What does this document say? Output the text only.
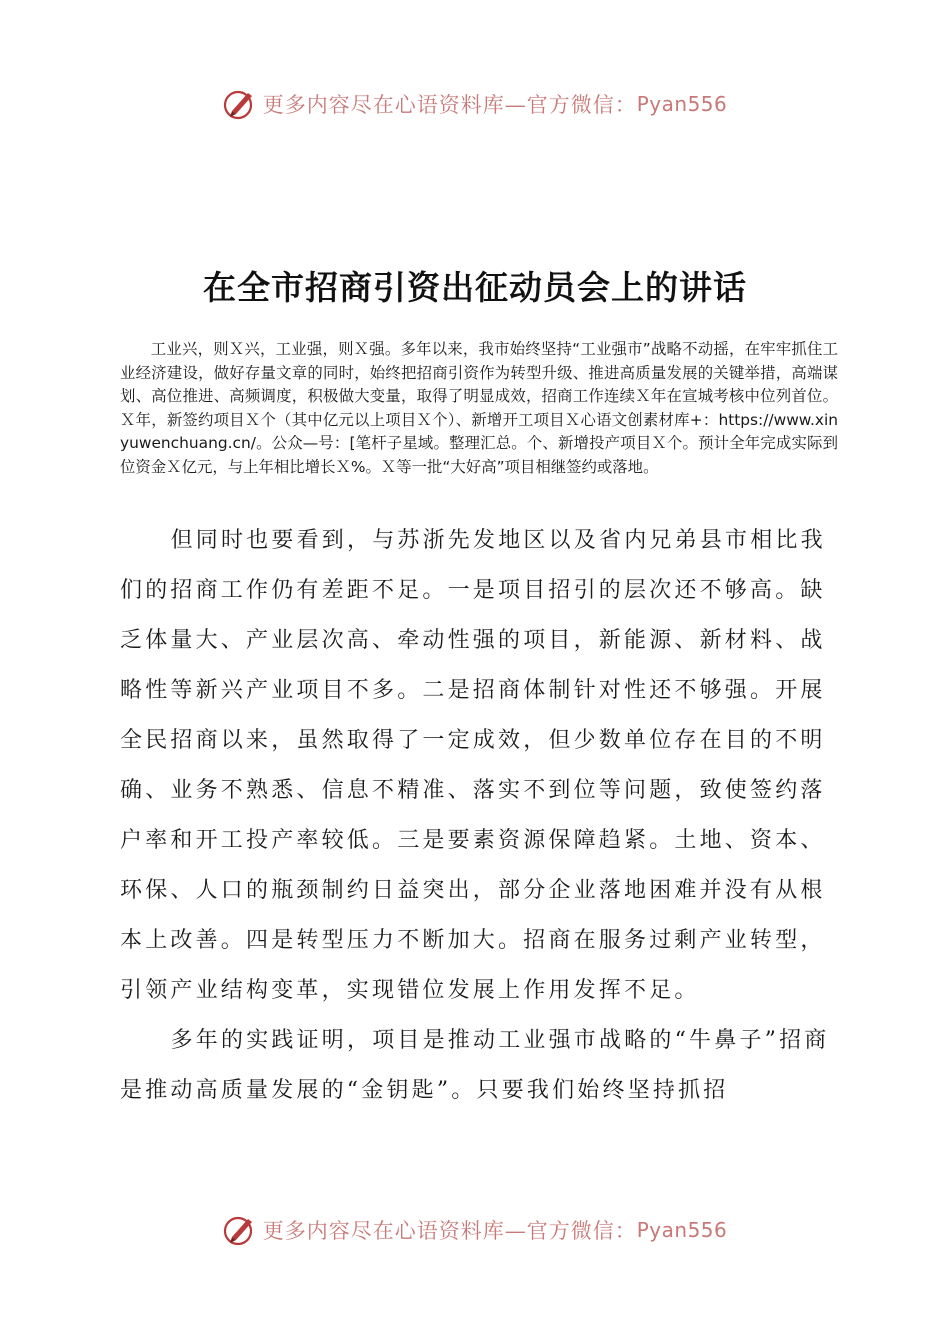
更多内容尽在心语资料库—官方微信： Pyan556
在全市招商引资出征动员会上的讲话
工业兴，则Ｘ兴，工业强，则Ｘ强。多年以来，我市始终坚持“工业强市”战略不动摇，在牢牢抓住工业经济建设，做好存量文章的同时，始终把招商引资作为转型升级、推进高质量发展的关键举措，高端谋划、高位推进、高频调度，积极做大变量，取得了明显成效，招商工作连续Ｘ年在宣城考核中位列首位。Ｘ年，新签约项目Ｘ个（其中亿元以上项目Ｘ个）、新增开工项目Ｘ心语文创素材库+：https://www.xinyuwenchuang.cn/。公众—号：[笔杆子星域。整理汇总。个、新增投产项目Ｘ个。预计全年完成实际到位资金Ｘ亿元，与上年相比增长Ｘ%。Ｘ等一批“大好高”项目相继签约或落地。

但同时也要看到，与苏浙先发地区以及省内兄弟县市相比我们的招商工作仍有差距不足。一是项目招引的层次还不够高。缺乏体量大、产业层次高、牵动性强的项目，新能源、新材料、战略性等新兴产业项目不多。二是招商体制针对性还不够强。开展全民招商以来，虽然取得了一定成效，但少数单位存在目的不明确、业务不熟悉、信息不精准、落实不到位等问题，致使签约落户率和开工投产率较低。三是要素资源保障趋紧。土地、资本、环保、人口的瓶颈制约日益突出，部分企业落地困难并没有从根本上改善。四是转型压力不断加大。招商在服务过剩产业转型，引领产业结构变革，实现错位发展上作用发挥不足。

多年的实践证明，项目是推动工业强市战略的“牛鼻子”招商是推动高质量发展的“金钥匙”。只要我们始终坚持抓招

更多内容尽在心语资料库—官方微信： Pyan556
